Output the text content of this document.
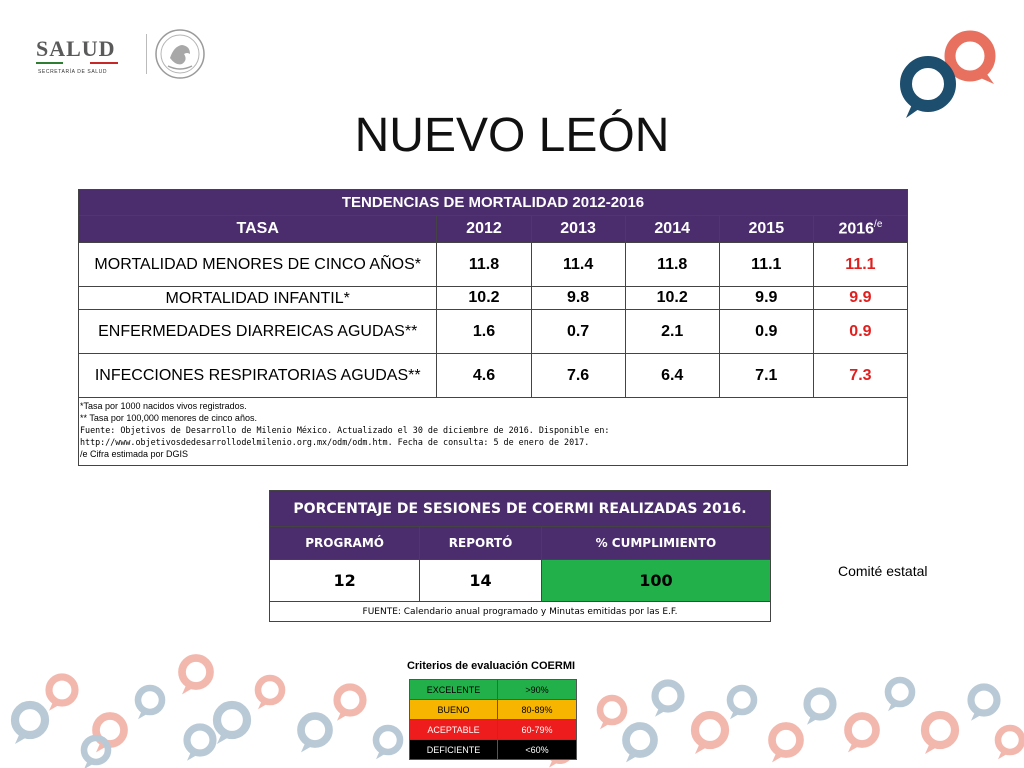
SALUD
SECRETARÍA DE SALUD
NUEVO LEÓN
TENDENCIAS DE MORTALIDAD 2012-2016					
TASA	2012	2013	2014	2015	$2016^{/e}$
MORTALIDAD MENORES DE CINCO AÑOS*	11.8	11.4	11.8	11.1	11.1
MORTALIDAD INFANTIL*	10.2	9.8	10.2	9.9	9.9
ENFERMEDADES DIARREICAS AGUDAS**	1.6	0.7	2.1	0.9	0.9
INFECCIONES RESPIRATORIAS AGUDAS**	4.6	7.6	6.4	7.1	7.3

*Tasa por 1000 nacidos vivos registrados.
** Tasa por 100,000 menores de cinco años.
Fuente: Objetivos de Desarrollo de Milenio México. Actualizado el 30 de diciembre de 2016. Disponible en: http://www.objetivosdedesarrollodelmilenio.org.mx/odm/odm.htm. Fecha de consulta: 5 de enero de 2017.
/e Cifra estimada por DGIS					
PORCENTAJE DE SESIONES DE COERMI REALIZADAS 2016.		
PROGRAMÓ	REPORTÓ	% CUMPLIMIENTO
12	14	100
FUENTE: Calendario anual programado y Minutas emitidas por las E.F.		
Comité estatal
Criterios de evaluación COERMI
EXCELENTE	>90%
BUENO	80-89%
ACEPTABLE	60-79%
DEFICIENTE	<60%
